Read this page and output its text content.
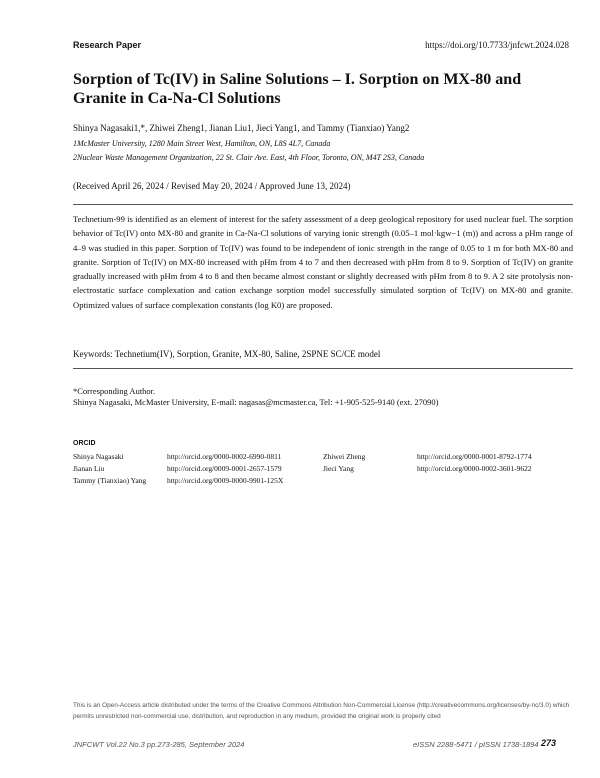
Research Paper	https://doi.org/10.7733/jnfcwt.2024.028
Sorption of Tc(IV) in Saline Solutions – I. Sorption on MX-80 and Granite in Ca-Na-Cl Solutions
Shinya Nagasaki1,*, Zhiwei Zheng1, Jianan Liu1, Jieci Yang1, and Tammy (Tianxiao) Yang2
1McMaster University, 1280 Main Street West, Hamilton, ON, L8S 4L7, Canada
2Nuclear Waste Management Organization, 22 St. Clair Ave. East, 4th Floor, Toronto, ON, M4T 2S3, Canada
(Received April 26, 2024 / Revised May 20, 2024 / Approved June 13, 2024)
Technetium-99 is identified as an element of interest for the safety assessment of a deep geological repository for used nuclear fuel. The sorption behavior of Tc(IV) onto MX-80 and granite in Ca-Na-Cl solutions of varying ionic strength (0.05–1 mol·kgw−1 (m)) and across a pHm range of 4–9 was studied in this paper. Sorption of Tc(IV) was found to be independent of ionic strength in the range of 0.05 to 1 m for both MX-80 and granite. Sorption of Tc(IV) on MX-80 increased with pHm from 4 to 7 and then decreased with pHm from 8 to 9. Sorption of Tc(IV) on granite gradually increased with pHm from 4 to 8 and then became almost constant or slightly decreased with pHm from 8 to 9. A 2 site protolysis non-electrostatic surface complexation and cation exchange sorption model successfully simulated sorption of Tc(IV) on MX-80 and granite. Optimized values of surface complexation constants (log K0) are proposed.
Keywords: Technetium(IV), Sorption, Granite, MX-80, Saline, 2SPNE SC/CE model
*Corresponding Author.
Shinya Nagasaki, McMaster University, E-mail: nagasas@mcmaster.ca, Tel: +1-905-525-9140 (ext. 27090)
ORCID
Shinya Nagasaki	http://orcid.org/0000-0002-6990-0811	Zhiwei Zheng	http://orcid.org/0000-0001-8792-1774
Jianan Liu	http://orcid.org/0009-0001-2657-1579	Jieci Yang	http://orcid.org/0000-0002-3601-9622
Tammy (Tianxiao) Yang	http://orcid.org/0009-0000-9901-125X
This is an Open-Access article distributed under the terms of the Creative Commons Attribution Non-Commercial License (http://creativecommons.org/licenses/by-nc/3.0) which permits unrestricted non-commercial use, distribution, and reproduction in any medium, provided the original work is properly cited
JNFCWT Vol.22 No.3 pp.273-285, September 2024	eISSN 2288-5471 / pISSN 1738-1894 273
